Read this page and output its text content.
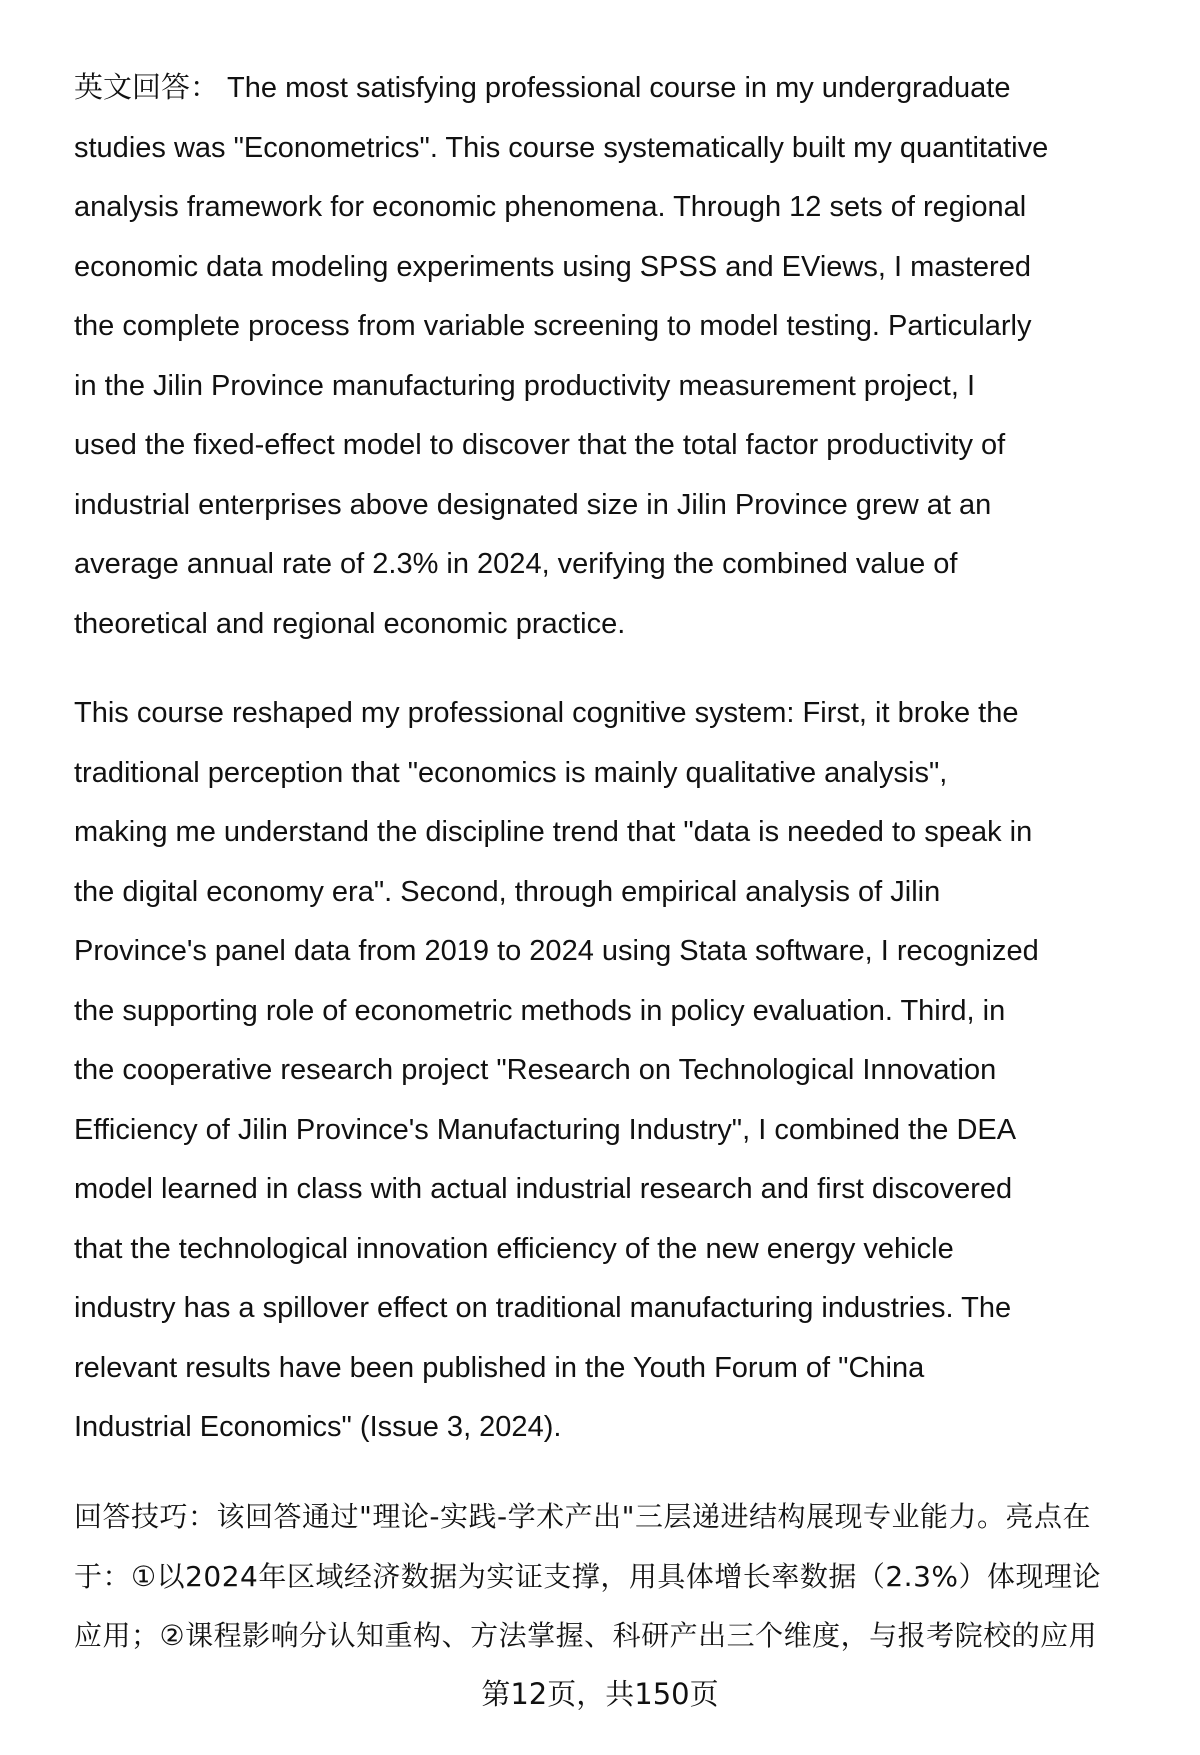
英文回答： The most satisfying professional course in my undergraduate
studies was "Econometrics". This course systematically built my quantitative
analysis framework for economic phenomena. Through 12 sets of regional
economic data modeling experiments using SPSS and EViews, I mastered
the complete process from variable screening to model testing. Particularly
in the Jilin Province manufacturing productivity measurement project, I
used the fixed-effect model to discover that the total factor productivity of
industrial enterprises above designated size in Jilin Province grew at an
average annual rate of 2.3% in 2024, verifying the combined value of
theoretical and regional economic practice.
This course reshaped my professional cognitive system: First, it broke the
traditional perception that "economics is mainly qualitative analysis",
making me understand the discipline trend that "data is needed to speak in
the digital economy era". Second, through empirical analysis of Jilin
Province's panel data from 2019 to 2024 using Stata software, I recognized
the supporting role of econometric methods in policy evaluation. Third, in
the cooperative research project "Research on Technological Innovation
Efficiency of Jilin Province's Manufacturing Industry", I combined the DEA
model learned in class with actual industrial research and first discovered
that the technological innovation efficiency of the new energy vehicle
industry has a spillover effect on traditional manufacturing industries. The
relevant results have been published in the Youth Forum of "China
Industrial Economics" (Issue 3, 2024).
回答技巧：该回答通过"理论-实践-学术产出"三层递进结构展现专业能力。亮点在
于：①以2024年区域经济数据为实证支撑，用具体增长率数据（2.3%）体现理论
应用；②课程影响分认知重构、方法掌握、科研产出三个维度，与报考院校的应用
第12页，共150页
